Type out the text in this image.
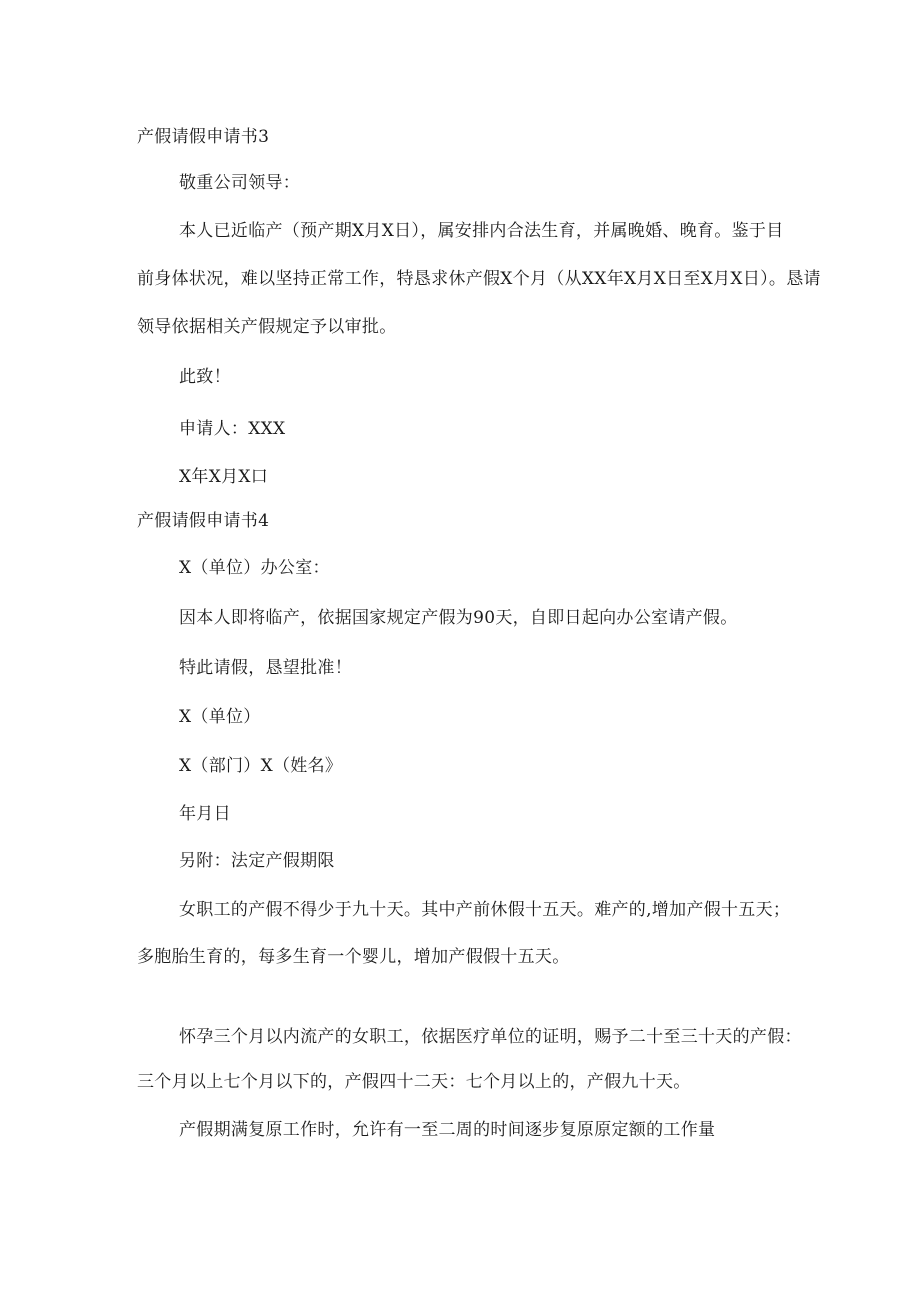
产假请假申请书3
敬重公司领导：
本人已近临产（预产期X月X日），属安排内合法生育，并属晚婚、晚育。鉴于目
前身体状况，难以坚持正常工作，特恳求休产假X个月（从XX年X月X日至X月X日）。恳请
领导依据相关产假规定予以审批。
此致！
申请人：XXX
X年X月X口
产假请假申请书4
X（单位）办公室：
因本人即将临产，依据国家规定产假为90天，自即日起向办公室请产假。
特此请假，恳望批准！
X（单位）
X（部门）X（姓名》
年月日
另附：法定产假期限
女职工的产假不得少于九十天。其中产前休假十五天。难产的,增加产假十五天；
多胞胎生育的，每多生育一个婴儿，增加产假假十五天。
怀孕三个月以内流产的女职工，依据医疗单位的证明，赐予二十至三十天的产假：
三个月以上七个月以下的，产假四十二天：七个月以上的，产假九十天。
产假期满复原工作时，允许有一至二周的时间逐步复原原定额的工作量
